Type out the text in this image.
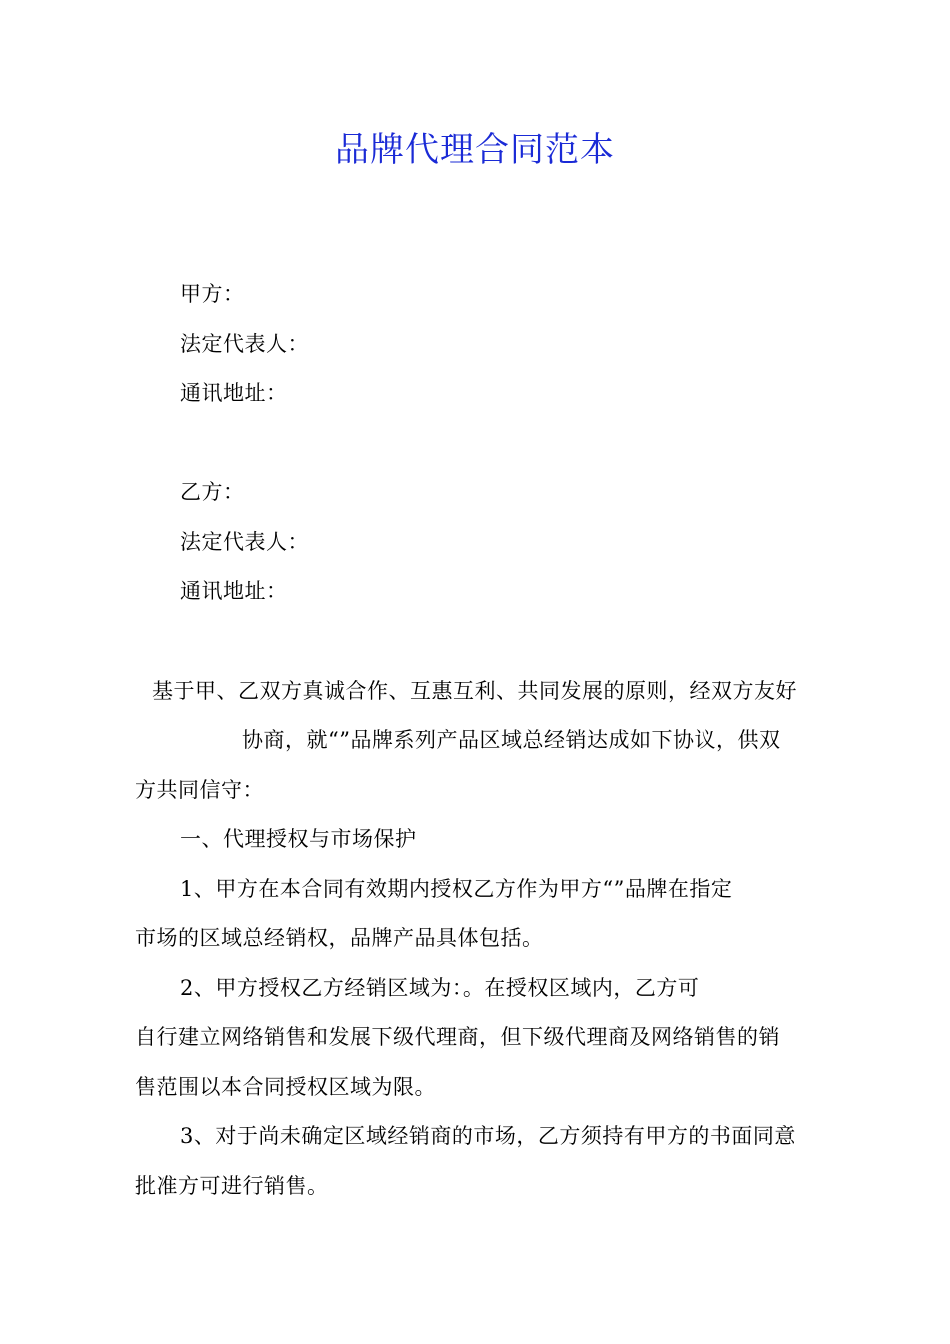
品牌代理合同范本
甲方：
法定代表人：
通讯地址：
乙方：
法定代表人：
通讯地址：
基于甲、乙双方真诚合作、互惠互利、共同发展的原则，经双方友好
协商，就“”品牌系列产品区域总经销达成如下协议，供双
方共同信守：
一、代理授权与市场保护
1、甲方在本合同有效期内授权乙方作为甲方“”品牌在指定
市场的区域总经销权，品牌产品具体包括。
2、甲方授权乙方经销区域为：。在授权区域内，乙方可
自行建立网络销售和发展下级代理商，但下级代理商及网络销售的销
售范围以本合同授权区域为限。
3、对于尚未确定区域经销商的市场，乙方须持有甲方的书面同意
批准方可进行销售。
